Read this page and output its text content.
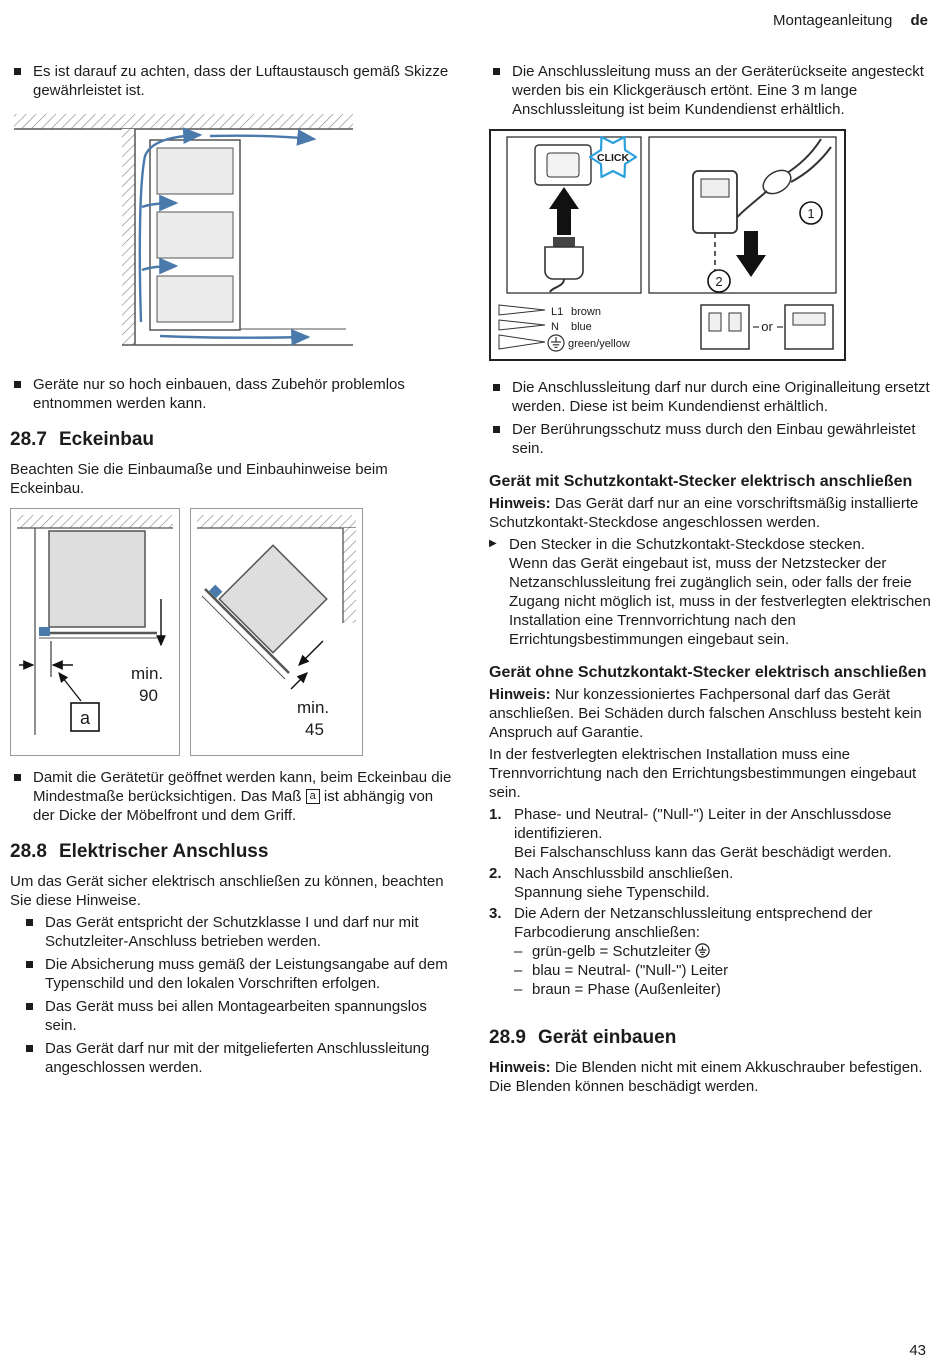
Montageanleitung de
Es ist darauf zu achten, dass der Luftaustausch gemäß Skizze gewährleistet ist.
Geräte nur so hoch einbauen, dass Zubehör problemlos entnommen werden kann.
28.7 Eckeinbau

Beachten Sie die Einbaumaße und Einbauhinweise beim Eckeinbau.

min.
90
a
min.
45
Damit die Gerätetür geöffnet werden kann, beim Eckeinbau die Mindestmaße berücksichtigen. Das Maß a ist abhängig von der Dicke der Möbelfront und dem Griff.
28.8 Elektrischer Anschluss

Um das Gerät sicher elektrisch anschließen zu können, beachten Sie diese Hinweise.

Das Gerät entspricht der Schutzklasse I und darf nur mit Schutzleiter-Anschluss betrieben werden.
Die Absicherung muss gemäß der Leistungsangabe auf dem Typenschild und den lokalen Vorschriften erfolgen.
Das Gerät muss bei allen Montagearbeiten spannungslos sein.
Das Gerät darf nur mit der mitgelieferten Anschlussleitung angeschlossen werden.
Die Anschlussleitung muss an der Geräterückseite angesteckt werden bis ein Klickgeräusch ertönt. Eine 3 m lange Anschlussleitung ist beim Kundendienst erhältlich.
CLICK
1
2
L1 brown
N blue
green/yellow
or
Die Anschlussleitung darf nur durch eine Originalleitung ersetzt werden. Diese ist beim Kundendienst erhältlich.
Der Berührungsschutz muss durch den Einbau gewährleistet sein.
Gerät mit Schutzkontakt-Stecker elektrisch anschließen

Hinweis: Das Gerät darf nur an eine vorschriftsmäßig installierte Schutzkontakt-Steckdose angeschlossen werden.

▶ Den Stecker in die Schutzkontakt-Steckdose stecken.

Wenn das Gerät eingebaut ist, muss der Netzstecker der Netzanschlussleitung frei zugänglich sein, oder falls der freie Zugang nicht möglich ist, muss in der festverlegten elektrischen Installation eine Trennvorrichtung nach den Errichtungsbestimmungen eingebaut sein.

Gerät ohne Schutzkontakt-Stecker elektrisch anschließen

Hinweis: Nur konzessioniertes Fachpersonal darf das Gerät anschließen. Bei Schäden durch falschen Anschluss besteht kein Anspruch auf Garantie.

In der festverlegten elektrischen Installation muss eine Trennvorrichtung nach den Errichtungsbestimmungen eingebaut sein.

1. Phase- und Neutral- ("Null-") Leiter in der Anschlussdose identifizieren.

Bei Falschanschluss kann das Gerät beschädigt werden.

2. Nach Anschlussbild anschließen.

Spannung siehe Typenschild.

3. Die Adern der Netzanschlussleitung entsprechend der Farbcodierung anschließen:

– grün-gelb = Schutzleiter
– blau = Neutral- ("Null-") Leiter
– braun = Phase (Außenleiter)
28.9 Gerät einbauen

Hinweis: Die Blenden nicht mit einem Akkuschrauber befestigen. Die Blenden können beschädigt werden.

43
